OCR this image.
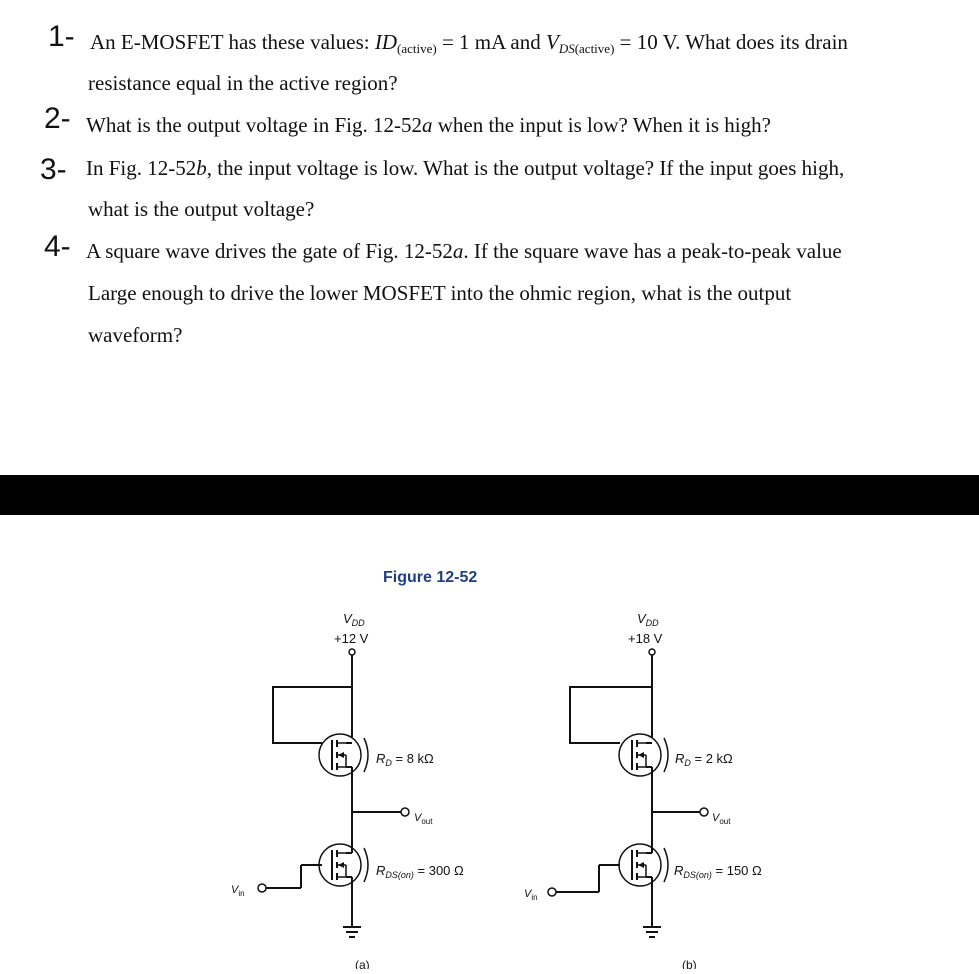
1- An E-MOSFET has these values: $ID_{(active)} = 1$ mA and $V_{DS(active)} = 10$ V. What does its drain
resistance equal in the active region?
2- What is the output voltage in Fig. 12-52a when the input is low? When it is high?
3- In Fig. 12-52b, the input voltage is low. What is the output voltage? If the input goes high,
what is the output voltage?
4- A square wave drives the gate of Fig. 12-52a. If the square wave has a peak-to-peak value
Large enough to drive the lower MOSFET into the ohmic region, what is the output
waveform?
Figure 12-52
$V_{DD}$
+12 V
$R_D = 8$ kΩ
$V_{out}$
$R_{DS(on)} = 300$ Ω
$V_{in}$
(a)
$V_{DD}$
+18 V
$R_D = 2$ kΩ
$V_{out}$
$R_{DS(on)} = 150$ Ω
$V_{in}$
(b)
